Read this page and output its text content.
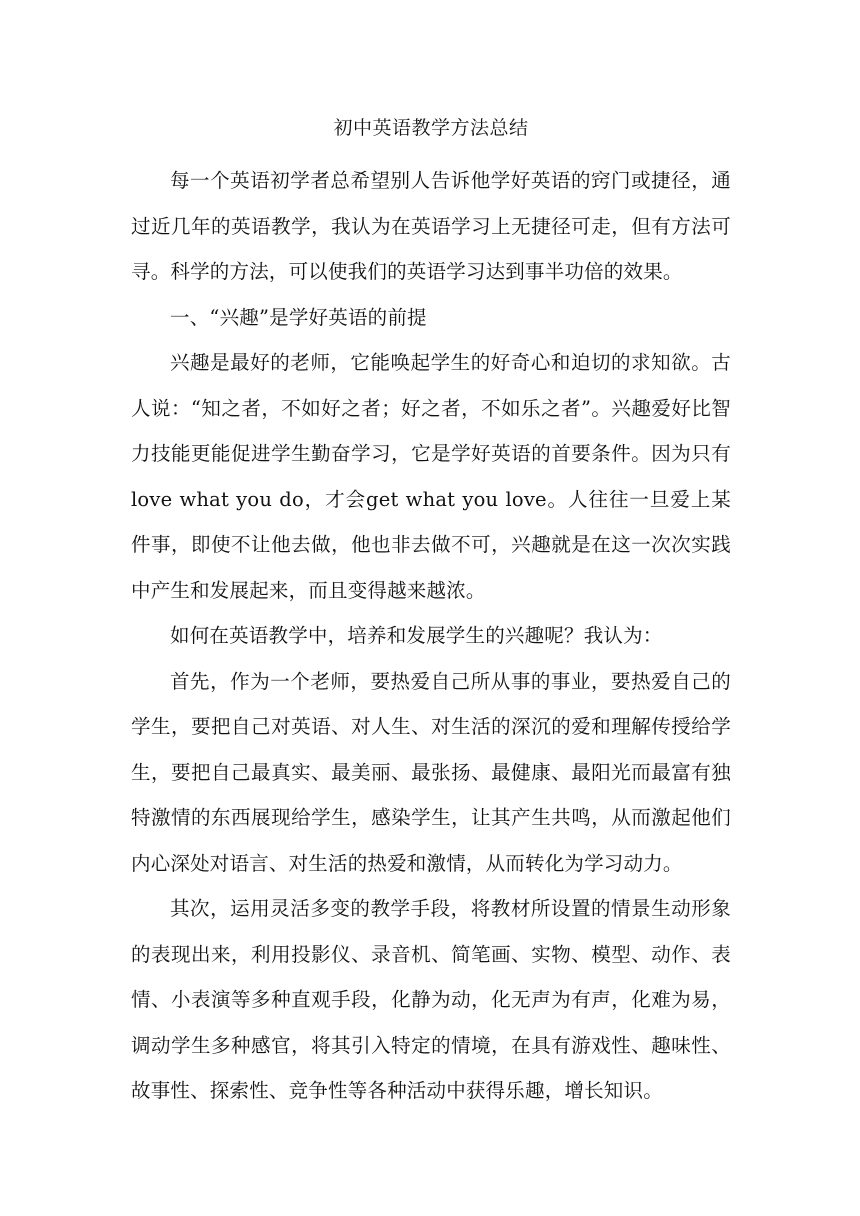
初中英语教学方法总结

每一个英语初学者总希望别人告诉他学好英语的窍门或捷径，通过近几年的英语教学，我认为在英语学习上无捷径可走，但有方法可寻。科学的方法，可以使我们的英语学习达到事半功倍的效果。

一、“兴趣”是学好英语的前提

兴趣是最好的老师，它能唤起学生的好奇心和迫切的求知欲。古人说：“知之者，不如好之者；好之者，不如乐之者”。兴趣爱好比智力技能更能促进学生勤奋学习，它是学好英语的首要条件。因为只有love what you do，才会get what you love。人往往一旦爱上某件事，即使不让他去做，他也非去做不可，兴趣就是在这一次次实践中产生和发展起来，而且变得越来越浓。

如何在英语教学中，培养和发展学生的兴趣呢？我认为：

首先，作为一个老师，要热爱自己所从事的事业，要热爱自己的学生，要把自己对英语、对人生、对生活的深沉的爱和理解传授给学生，要把自己最真实、最美丽、最张扬、最健康、最阳光而最富有独特激情的东西展现给学生，感染学生，让其产生共鸣，从而激起他们内心深处对语言、对生活的热爱和激情，从而转化为学习动力。

其次，运用灵活多变的教学手段，将教材所设置的情景生动形象的表现出来，利用投影仪、录音机、简笔画、实物、模型、动作、表情、小表演等多种直观手段，化静为动，化无声为有声，化难为易，调动学生多种感官，将其引入特定的情境，在具有游戏性、趣味性、故事性、探索性、竞争性等各种活动中获得乐趣，增长知识。
